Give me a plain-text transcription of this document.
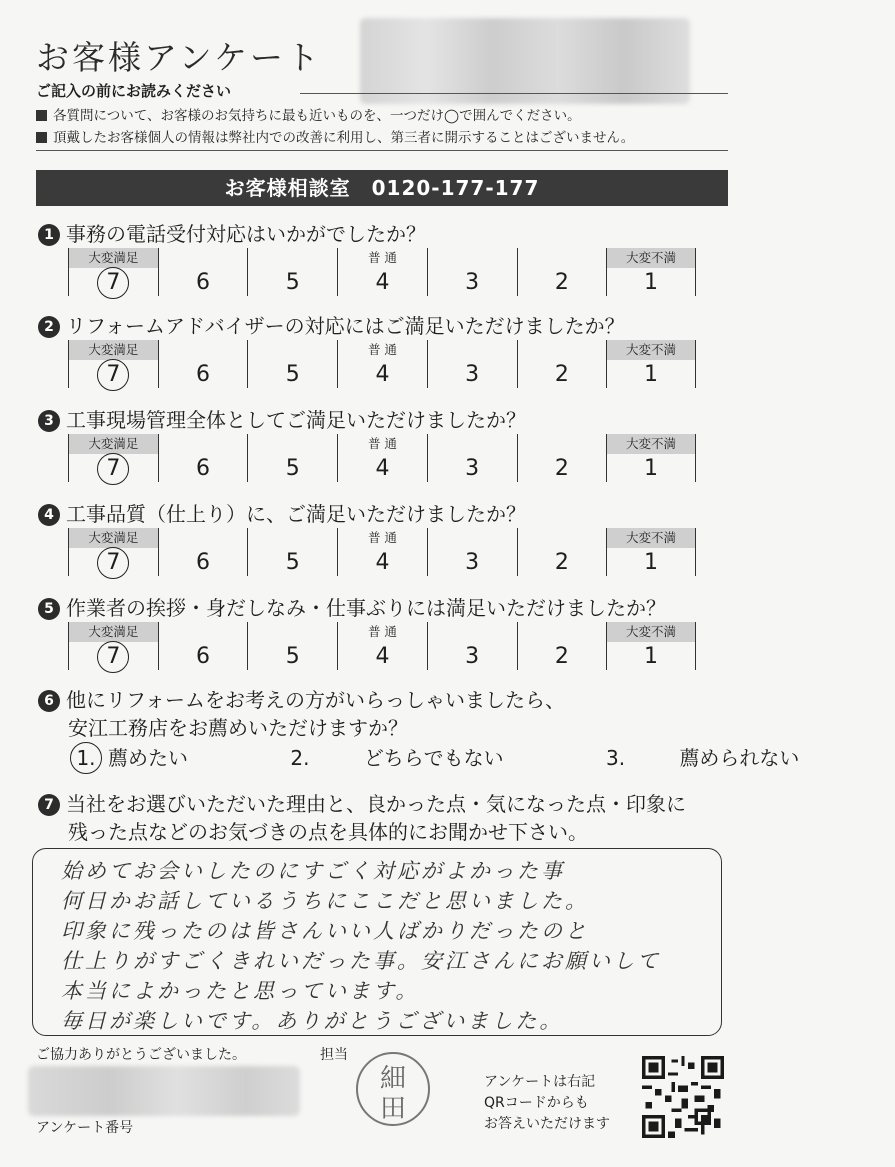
お客様アンケート
ご記入の前にお読みください
各質問について、お客様のお気持ちに最も近いものを、一つだけ◯で囲んでください。
頂戴したお客様個人の情報は弊社内での改善に利用し、第三者に開示することはございません。
お客様相談室　0120-177-177
1 事務の電話受付対応はいかがでしたか？
大変満足
7	6	5
普 通
4	3	2
大変不満
1
2 リフォームアドバイザーの対応にはご満足いただけましたか？
大変満足
7	6	5
普 通
4	3	2
大変不満
1
3 工事現場管理全体としてご満足いただけましたか？
大変満足
7	6	5
普 通
4	3	2
大変不満
1
4 工事品質（仕上り）に、ご満足いただけましたか？
大変満足
7	6	5
普 通
4	3	2
大変不満
1
5 作業者の挨拶・身だしなみ・仕事ぶりには満足いただけましたか？
大変満足
7	6	5
普 通
4	3	2
大変不満
1
6 他にリフォームをお考えの方がいらっしゃいましたら、
安江工務店をお薦めいただけますか？
1. 薦めたい	2.	どちらでもない	3.	薦められない
7 当社をお選びいただいた理由と、良かった点・気になった点・印象に
残った点などのお気づきの点を具体的にお聞かせ下さい。
始めてお会いしたのにすごく対応がよかった事
何日かお話しているうちにここだと思いました。
印象に残ったのは皆さんいい人ばかりだったのと
仕上りがすごくきれいだった事。安江さんにお願いして
本当によかったと思っています。
毎日が楽しいです。ありがとうございました。
ご協力ありがとうございました。	担当
アンケート番号
細
田
アンケートは右記
QRコードからも
お答えいただけます
